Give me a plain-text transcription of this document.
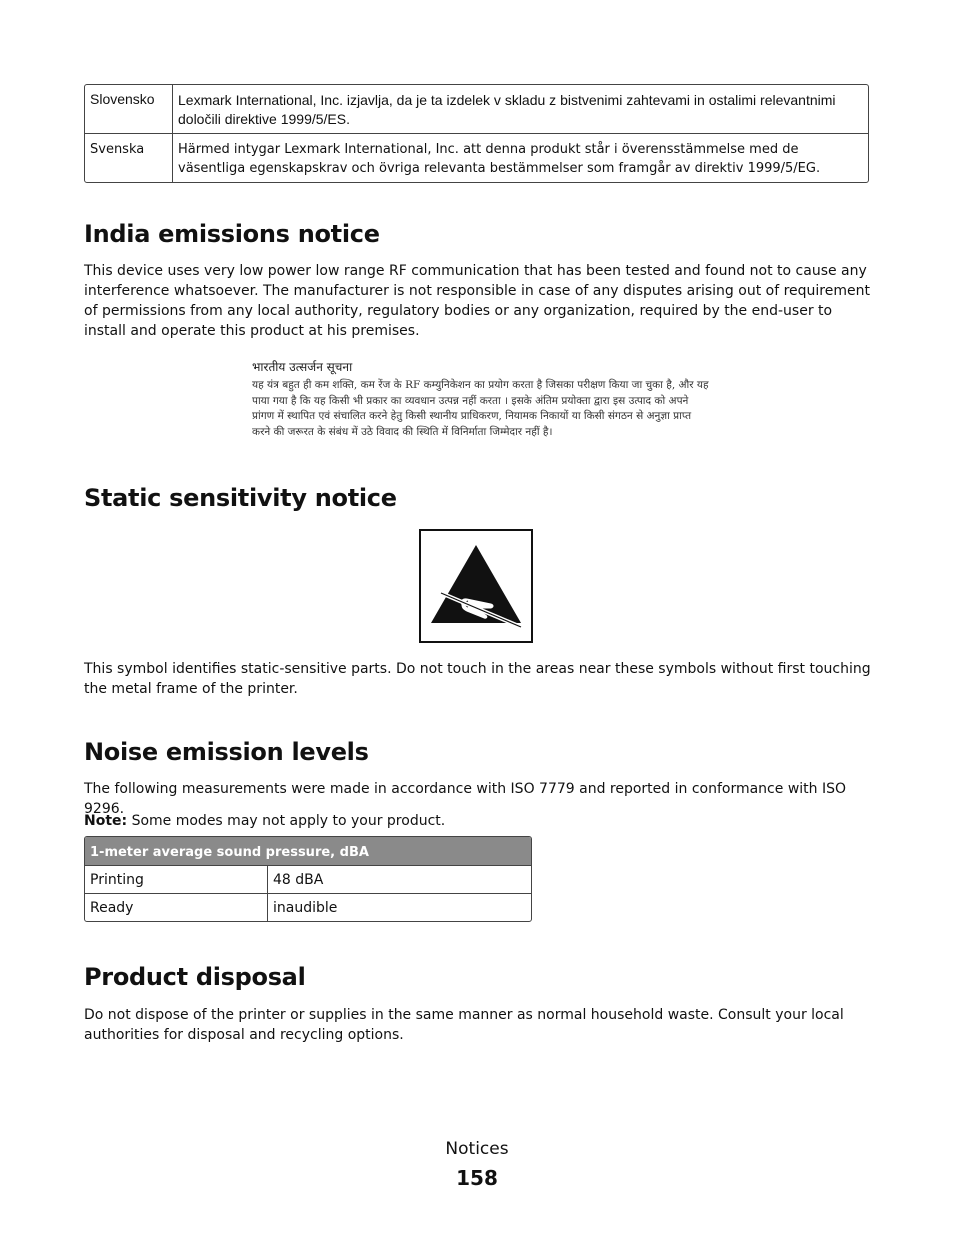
Slovensko	Lexmark International, Inc. izjavlja, da je ta izdelek v skladu z bistvenimi zahtevami in ostalimi relevantnimi določili direktive 1999/5/ES.
Svenska	Härmed intygar Lexmark International, Inc. att denna produkt står i överensstämmelse med de väsentliga egenskapskrav och övriga relevanta bestämmelser som framgår av direktiv 1999/5/EG.
India emissions notice

This device uses very low power low range RF communication that has been tested and found not to cause any interference whatsoever. The manufacturer is not responsible in case of any disputes arising out of requirement of permissions from any local authority, regulatory bodies or any organization, required by the end-user to install and operate this product at his premises.

भारतीय उत्सर्जन सूचना
यह यंत्र बहुत ही कम शक्ति, कम रेंज के RF कम्युनिकेशन का प्रयोग करता है जिसका परीक्षण किया जा चुका है, और यह पाया गया है कि यह किसी भी प्रकार का व्यवधान उत्पन्न नहीं करता । इसके अंतिम प्रयोक्ता द्वारा इस उत्पाद को अपने प्रांगण में स्थापित एवं संचालित करने हेतु किसी स्थानीय प्राधिकरण, नियामक निकायों या किसी संगठन से अनुज्ञा प्राप्त करने की जरूरत के संबंध में उठे विवाद की स्थिति में विनिर्माता जिम्मेदार नहीं है।
Static sensitivity notice

This symbol identifies static-sensitive parts. Do not touch in the areas near these symbols without first touching the metal frame of the printer.

Noise emission levels

The following measurements were made in accordance with ISO 7779 and reported in conformance with ISO 9296.

Note: Some modes may not apply to your product.

1-meter average sound pressure, dBA	
Printing	48 dBA
Ready	inaudible
Product disposal

Do not dispose of the printer or supplies in the same manner as normal household waste. Consult your local authorities for disposal and recycling options.

Notices
158
